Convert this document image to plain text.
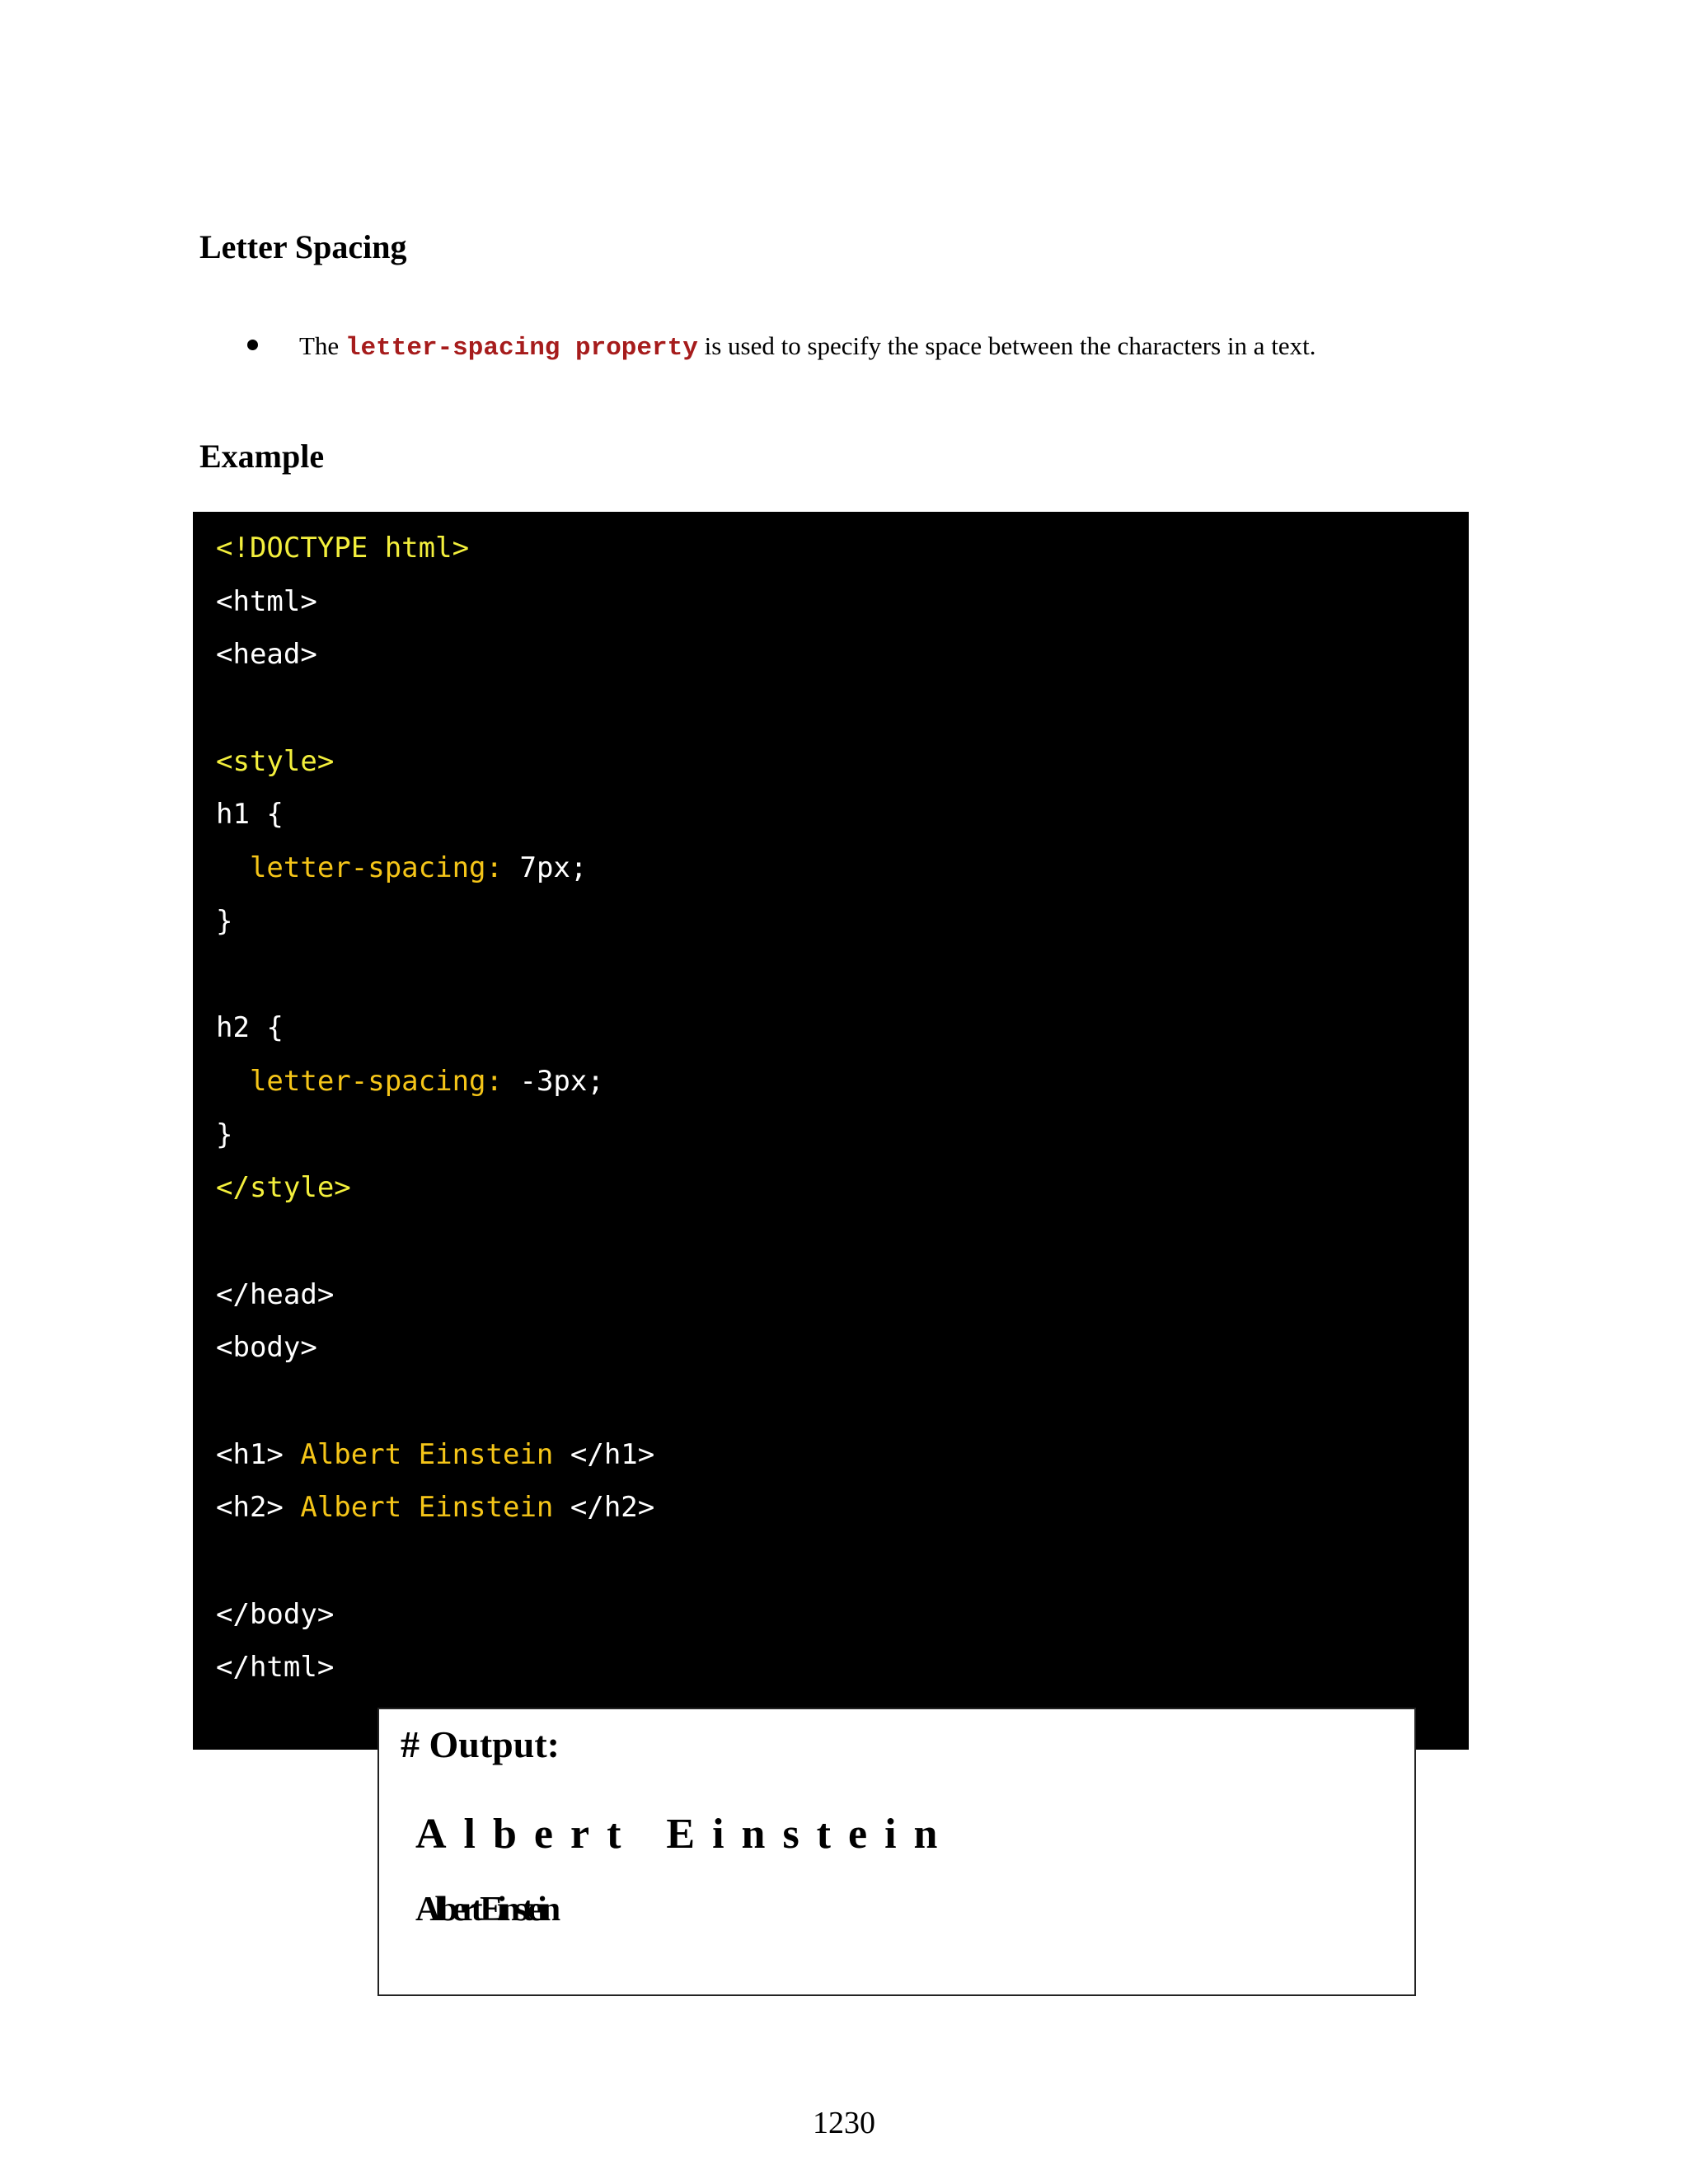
Letter Spacing
The letter-spacing property is used to specify the space between the characters in a text.
Example
<!DOCTYPE html>
<html>
<head>
<style>
h1 {
letter-spacing: 7px;
}
h2 {
letter-spacing: -3px;
}
</style>
</head>
<body>
<h1> Albert Einstein </h1>
<h2> Albert Einstein </h2>
</body>
</html>
# Output:
Albert Einstein
Albert Einstein
1230
